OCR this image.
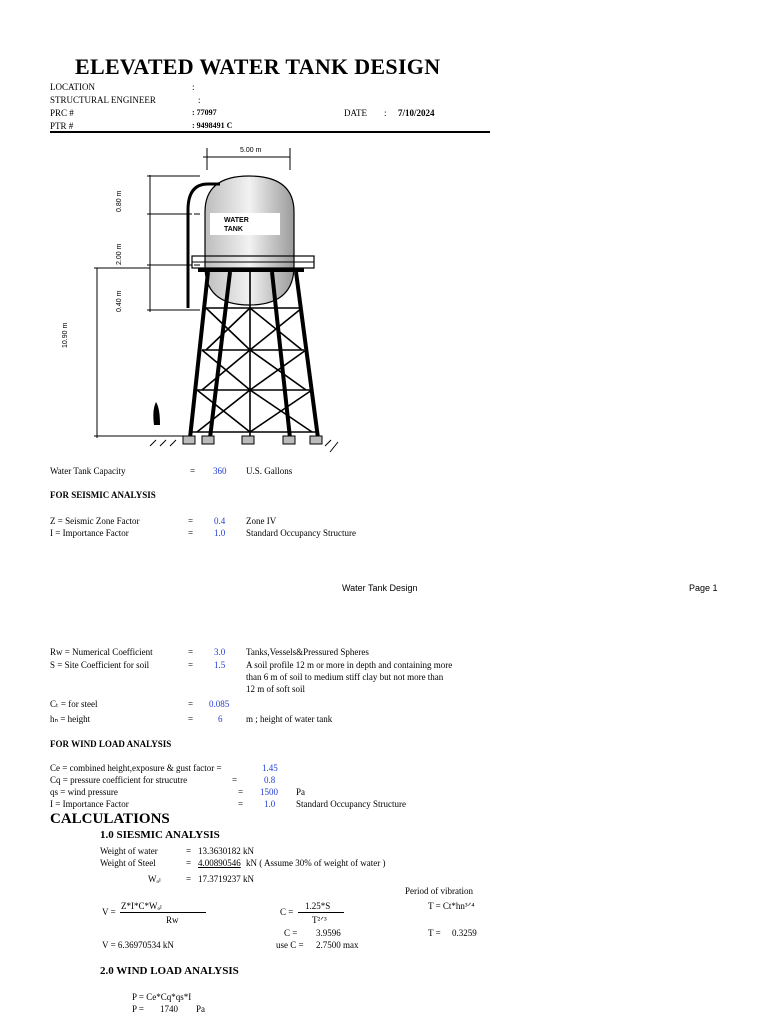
ELEVATED WATER TANK DESIGN
LOCATION	:
STRUCTURAL ENGINEER	:
PRC #	: 77097	DATE : 7/10/2024
PTR #	: 9498491 C
5.00 m
0.80 m
2.00 m
0.40 m
10.90 m
WATER
TANK
Water Tank Capacity	= 360 U.S. Gallons
FOR SEISMIC ANALYSIS
Z = Seismic Zone Factor	= 0.4 Zone IV
I = Importance Factor	= 1.0 Standard Occupancy Structure
Water Tank Design	Page 1
Rw = Numerical Coefficient	= 3.0 Tanks,Vessels&Pressured Spheres
S = Site Coefficient for soil	= 1.5 A soil profile 12 m or more in depth and containing more
than 6 m of soil to medium stiff clay but not more than
12 m of soft soil
Cₜ = for steel	= 0.085
hₙ = height	=	6	m ; height of water tank
FOR WIND LOAD ANALYSIS
Ce = combined height,exposure & gust factor =	1.45
Cq = pressure coefficient for strucutre	=	0.8
qs = wind pressure	= 1500 Pa
I = Importance Factor	= 1.0 Standard Occupancy Structure
CALCULATIONS
1.0 SIESMIC ANALYSIS
Weight of water	= 13.3630182 kN
Weight of Steel	= 4.00890546 kN ( Assume 30% of weight of water )
Wₒₗ	= 17.3719237 kN
Period of vibration
V =
Z*I*C*Wₒₗ
Rw
C =
1.25*S
T²ᐟ³
T = Ct*hn³ᐟ⁴
C = 3.9596	T = 0.3259
V = 6.36970534 kN	use C = 2.7500 max
2.0 WIND LOAD ANALYSIS
P = Ce*Cq*qs*I
P = 1740 Pa
